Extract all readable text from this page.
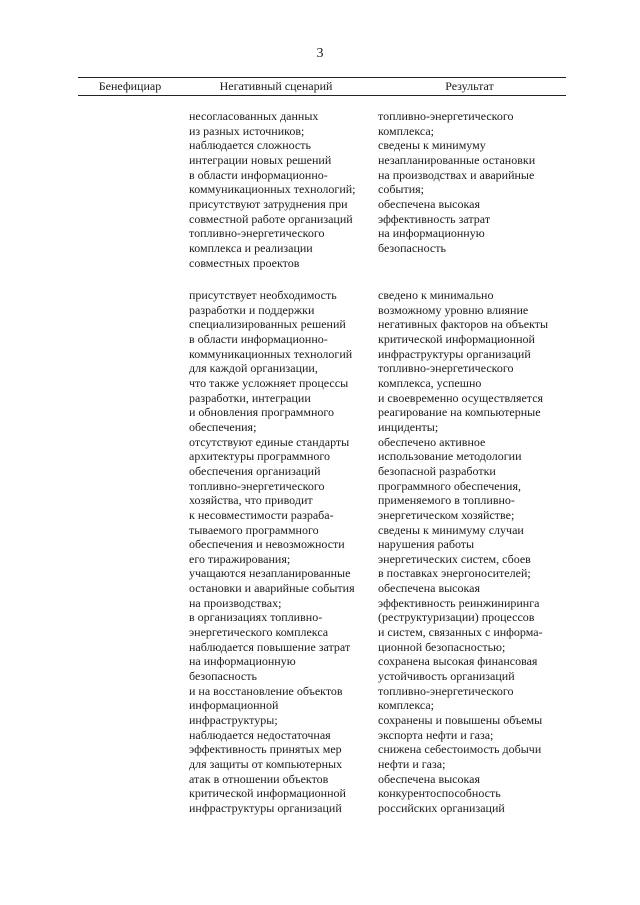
3
Бенефициар	Негативный сценарий	Результат
несогласованных данных
из разных источников;
наблюдается сложность
интеграции новых решений
в области информационно-
коммуникационных технологий;
присутствуют затруднения при
совместной работе организаций
топливно-энергетического
комплекса и реализации
совместных проектов
топливно-энергетического
комплекса;
сведены к минимуму
незапланированные остановки
на производствах и аварийные
события;
обеспечена высокая
эффективность затрат
на информационную
безопасность
присутствует необходимость
разработки и поддержки
специализированных решений
в области информационно-
коммуникационных технологий
для каждой организации,
что также усложняет процессы
разработки, интеграции
и обновления программного
обеспечения;
отсутствуют единые стандарты
архитектуры программного
обеспечения организаций
топливно-энергетического
хозяйства, что приводит
к несовместимости разраба-
тываемого программного
обеспечения и невозможности
его тиражирования;
учащаются незапланированные
остановки и аварийные события
на производствах;
в организациях топливно-
энергетического комплекса
наблюдается повышение затрат
на информационную
безопасность
и на восстановление объектов
информационной
инфраструктуры;
наблюдается недостаточная
эффективность принятых мер
для защиты от компьютерных
атак в отношении объектов
критической информационной
инфраструктуры организаций
сведено к минимально
возможному уровню влияние
негативных факторов на объекты
критической информационной
инфраструктуры организаций
топливно-энергетического
комплекса, успешно
и своевременно осуществляется
реагирование на компьютерные
инциденты;
обеспечено активное
использование методологии
безопасной разработки
программного обеспечения,
применяемого в топливно-
энергетическом хозяйстве;
сведены к минимуму случаи
нарушения работы
энергетических систем, сбоев
в поставках энергоносителей;
обеспечена высокая
эффективность реинжиниринга
(реструктуризации) процессов
и систем, связанных с информа-
ционной безопасностью;
сохранена высокая финансовая
устойчивость организаций
топливно-энергетического
комплекса;
сохранены и повышены объемы
экспорта нефти и газа;
снижена себестоимость добычи
нефти и газа;
обеспечена высокая
конкурентоспособность
российских организаций
